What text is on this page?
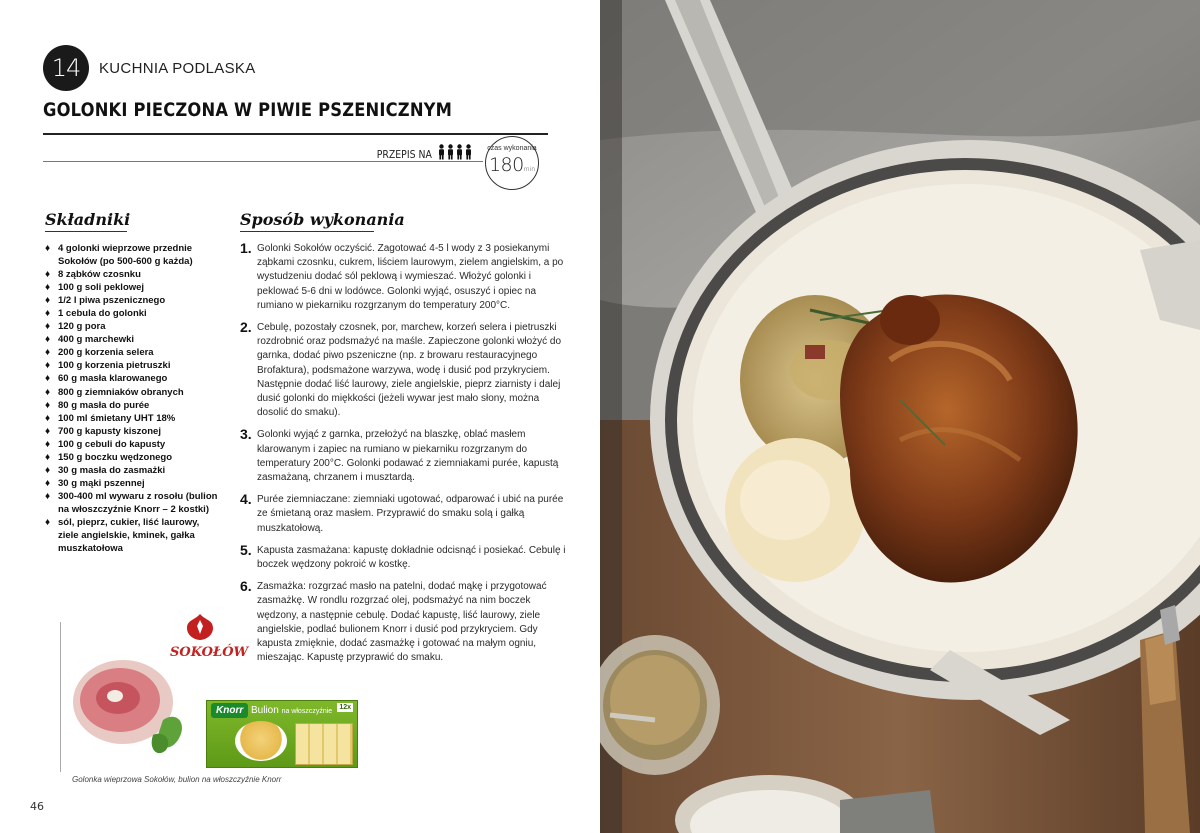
14	KUCHNIA PODLASKA
GOLONKI PIECZONA W PIWIE PSZENICZNYM
PRZEPIS NA	czas wykonania
180min
Składniki
♦ 4 golonki wieprzowe przednie Sokołów (po 500-600 g każda)
♦ 8 ząbków czosnku
♦ 100 g soli peklowej
♦ 1/2 l piwa pszenicznego
♦ 1 cebula do golonki
♦ 120 g pora
♦ 400 g marchewki
♦ 200 g korzenia selera
♦ 100 g korzenia pietruszki
♦ 60 g masła klarowanego
♦ 800 g ziemniaków obranych
♦ 80 g masła do purée
♦ 100 ml śmietany UHT 18%
♦ 700 g kapusty kiszonej
♦ 100 g cebuli do kapusty
♦ 150 g boczku wędzonego
♦ 30 g masła do zasmażki
♦ 30 g mąki pszennej
♦ 300-400 ml wywaru z rosołu (bulion na włoszczyźnie Knorr – 2 kostki)
♦ sól, pieprz, cukier, liść laurowy, ziele angielskie, kminek, gałka muszkatołowa
Sposób wykonania
1. Golonki Sokołów oczyścić. Zagotować 4-5 l wody z 3 posiekanymi ząbkami czosnku, cukrem, liściem laurowym, zielem angielskim, a po wystudzeniu dodać sól peklową i wymieszać. Włożyć golonki i peklować 5-6 dni w lodówce. Golonki wyjąć, osuszyć i opiec na rumiano w piekarniku rozgrzanym do temperatury 200°C.
2. Cebulę, pozostały czosnek, por, marchew, korzeń selera i pietruszki rozdrobnić oraz podsmażyć na maśle. Zapieczone golonki włożyć do garnka, dodać piwo pszeniczne (np. z browaru restauracyjnego Brofaktura), podsmażone warzywa, wodę i dusić pod przykryciem. Następnie dodać liść laurowy, ziele angielskie, pieprz ziarnisty i dalej dusić golonki do miękkości (jeżeli wywar jest mało słony, można dosolić do smaku).
3. Golonki wyjąć z garnka, przełożyć na blaszkę, oblać masłem klarowanym i zapiec na rumiano w piekarniku rozgrzanym do temperatury 200°C. Golonki podawać z ziemniakami purée, kapustą zasmażaną, chrzanem i musztardą.
4. Purée ziemniaczane: ziemniaki ugotować, odparować i ubić na purée ze śmietaną oraz masłem. Przyprawić do smaku solą i gałką muszkatołową.
5. Kapusta zasmażana: kapustę dokładnie odcisnąć i posiekać. Cebulę i boczek wędzony pokroić w kostkę.
6. Zasmażka: rozgrzać masło na patelni, dodać mąkę i przygotować zasmażkę. W rondlu rozgrzać olej, podsmażyć na nim boczek wędzony, a następnie cebulę. Dodać kapustę, liść laurowy, ziele angielskie, podlać bulionem Knorr i dusić pod przykryciem. Gdy kapusta zmięknie, dodać zasmażkę i gotować na małym ogniu, mieszając. Kapustę przyprawić do smaku.
SOKOŁÓW
Knorr Bulion na włoszczyźnie
12x
Golonka wieprzowa Sokołów, bulion na włoszczyźnie Knorr
46
